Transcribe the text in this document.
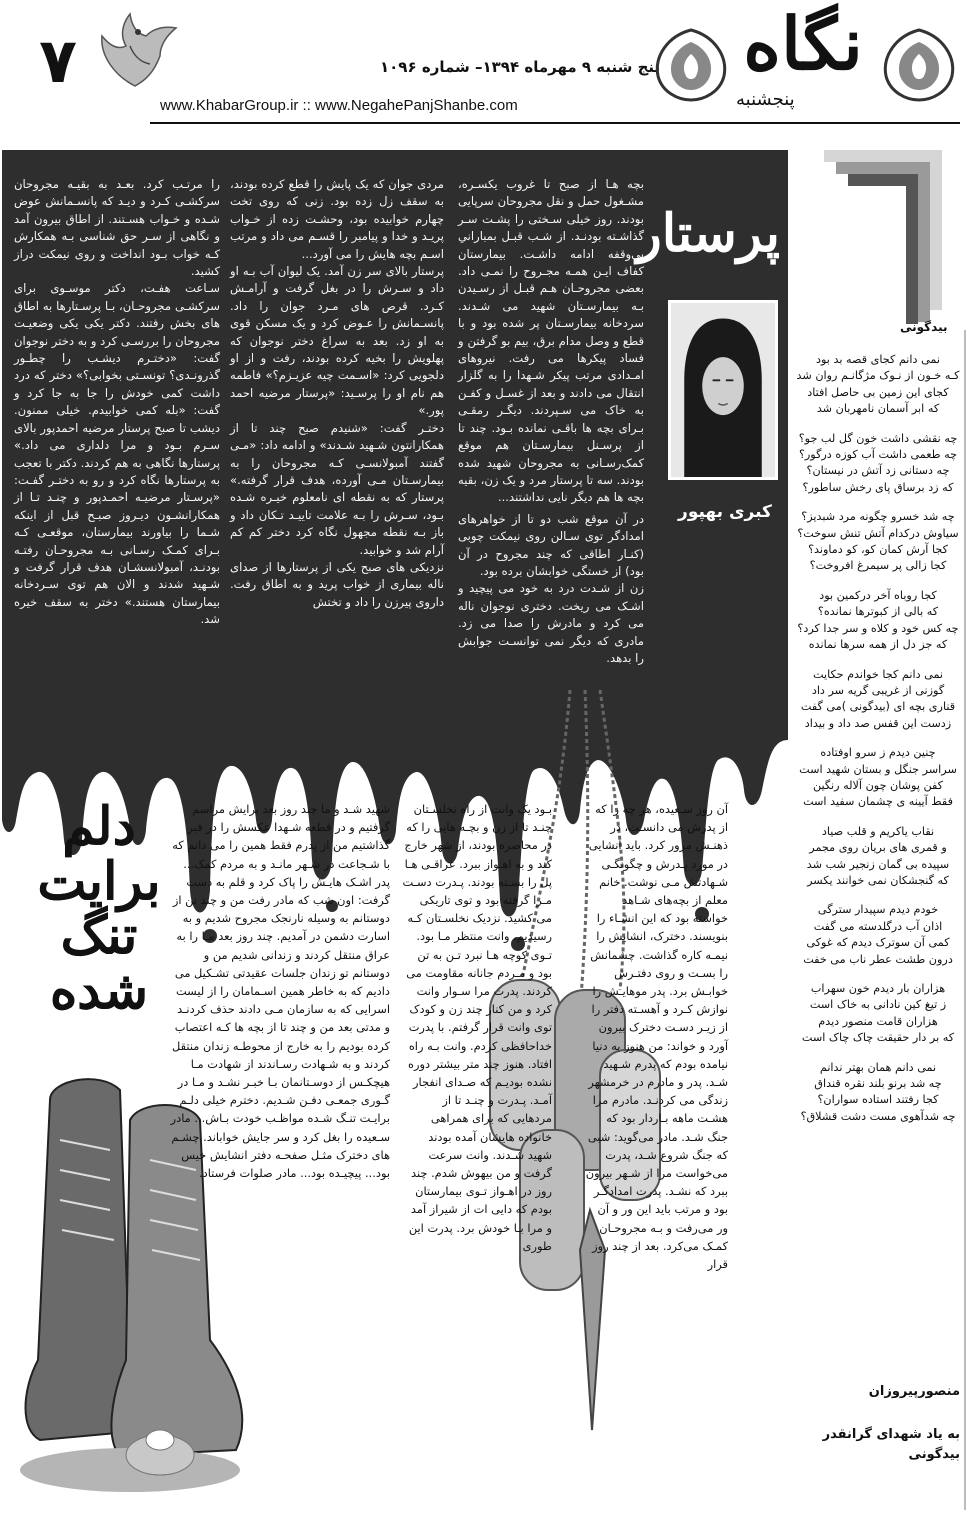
۷	پنج شنبه ۹ مهرماه ۱۳۹۴– شماره ۱۰۹۶
www.KhabarGroup.ir :: www.NegahePanjShanbe.com
نگاه
پنجشنبه

بچه هـا از صبح تا غروب یکسـره، مشـغول حمل و نقل مجروحان سرپایی بودند. روز خیلی سـختی را پشـت سـر گذاشـته بودنـد. از شـب قبـل بمباراني بی‌وقفه ادامه داشـت. بیمارستان کفاف ایـن همـه مجـروح را نمـی داد. بعضی مجروحـان هـم قبـل از رسـیدن بـه بیمارسـتان شهید می شـدند. سردخانه بیمارسـتان پر شده بود و با قطع و وصل مدام برق، بیم بو گرفتن و فساد پیکرها می رفت. نیروهای امـدادی مرتب پیکر شـهدا را به گلزار انتقال می دادند و بعد از غسـل و کفـن به خاک می سـپردند. دیگـر رمقـی بـرای بچه ها باقـی نمانده بـود. چند تا از پرسـنل بیمارسـتان هم موقع کمک‌رسـانی به مجروحان شهید شده بودند. سه تا پرستار مرد و یک زن، بقیه بچه ها هم دیگر نایی نداشتند...

در آن موقع شب دو تا از خواهرهای امدادگر توی سـالن روی نیمکت چوبی (کنـار اطاقی که چند مجروح در آن بود) از خستگی خوابشان برده بود.

زن از شـدت درد به خود می پیچید و اشـک می ریخت. دختری نوجوان ناله می کرد و مادرش را صدا می زد. مادری که دیگر نمی توانسـت جوابش را بدهد.

مردی جوان که یک پایش را قطع کرده بودند، به سقف زل زده بود. زنی که روی تخت چهارم خوابیده بود، وحشـت زده از خـواب پریـد و خدا و پیامبر را قسـم می داد و مرتب اسـم بچه هایش را می آورد...

پرستار بالای سر زن آمد. یک لیوان آب بـه او داد و سـرش را در بغل گرفت و آرامـش کـرد. قرص های مـرد جوان را داد. پانسـمانش را عـوض کرد و یک مسکن قوی به او زد. بعد به سراغ دختر نوجوان که پهلویش را بخیه کرده بودند، رفت و از او دلجویی کرد: «اسـمت چیه عزیـزم؟» فاطمه هم نام او را پرسـید: «پرستار مرضیه احمد پور.»

دختـر گفت: «شنیدم صبح چند تا از همکارانتون شـهید شـدند» و ادامه داد: «مـی گفتند آمبولانسـی کـه مجروحان را به بیمارسـتان مـی آورده، هدف قرار گرفته.» پرستار که به نقطه ای نامعلوم خیـره شـده بـود، سـرش را بـه علامت تاییـد تـکان داد و باز بـه نقطه مجهول نگاه کرد دختر کم کم آرام شد و خوابید.

نزدیکی های صبح یکی از پرستارها از صدای ناله بیماری از خواب پرید و به اطاق رفت. داروی پیرزن را داد و تختش

را مرتـب کرد. بعـد به بقیـه مجروحان سرکشـی کـرد و دیـد که پانسـمانش عوض شـده و خـواب هسـتند. از اطاق بیرون آمد و نگاهی از سـر حق شناسی بـه همکارش کـه خواب بـود انداخت و روی نیمکت دراز کشید.

سـاعت هفـت، دکتر موسـوی برای سرکشـی مجروحـان، بـا پرسـتارها به اطاق های بخش رفتند. دکتر یکی یکی وضعیـت مجروحان را بررسـی کرد و به دختر نوجوان گفت: «دختـرم دیشـب را چطـور گذرونـدی؟ تونسـتی بخوابی؟» دختر که درد داشت کمی خودش را جا به جا کرد و گفت: «بله کمی خوابیدم. خیلی ممنون. دیشب تا صبح پرستار مرضیه احمدپور بالای سـرم بـود و مرا دلداری می داد.» پرستارها نگاهی به هم کردند. دکتر با تعجب به پرستارها نگاه کرد و رو به دختـر گفـت: «پرسـتار مرضیـه احمـدپور و چنـد تـا از همکارانشـون دیـروز صبـح قبل از اینکه شـما را بیاورند بیمارستان، موقعـی کـه بـرای کمـک رسـانی بـه مجروحـان رفتـه بودنـد، آمبولانسشـان هدف قرار گرفت و شـهید شدند و الان هم توی سـردخانه بیمارستان هستند.» دختر به سقف خیره شد.

پرستار
کبری بهپور
بیدگونی
نمی دانم کجای قصه بد بود
کـه خـون از نـوک مژگانـم روان شد
کجای این زمین بی حاصل افتاد
که ابر آسمان نامهربان شد
چه نقشی داشت خون گل لب جو؟
چه طعمی داشت آب کوزه درگور؟
چه دستانی زد آتش در نیستان؟
که زد برساق پای رخش ساطور؟
چه شد خسرو چگونه مرد شبدیز؟
سیاوش درکدام آتش تنش سوخت؟
کجا آرش کمان کو، کو دماوند؟
کجا زالی پر سیمرغ افروخت؟
کجا روباه آخر درکمین بود
که بالی از کبوترها نمانده؟
چه کس خود و کلاه و سر جدا کرد؟
که جز دل از همه سرها نمانده
نمی دانم کجا خواندم حکایت
گوزنی از غریبی گریه سر داد
قناری بچه ای (بیدگونی )می گفت
زدست این قفس صد داد و بیداد
چنین دیدم ز سرو اوفتاده
سراسر جنگل و بستان شهید است
کفن پوشان چون آلاله رنگین
فقط آیینه ی چشمان سفید است
نقاب یاکریم و قلب صیاد
و قمری های بریان روی مجمر
سپیده بی گمان زنجیر شب شد
که گنجشکان نمی خوانند یکسر
خودم دیدم سپیدار سترگی
اذان آب درگلدسته می گفت
کمی آن سوترک دیدم که غوکی
درون طشت عطر ناب می خفت
هزاران بار دیدم خون سهراب
ز تیغ کین نادانی به خاک است
هزاران قامت منصور دیدم
که بر دار حقیقت چاک چاک است
نمی دانم همان بهتر ندانم
چه شد برنو بلند نقره قنداق
کجا رفتند استاده سواران؟
چه شدآهوی مست دشت قشلاق؟
منصورپیروزان
به یاد شهدای گرانقدر بیدگونی
دلم
برایت
تنگ
شده
آن روز سـعیده، هر چه را که از پدرش می دانسـت، در ذهنـش مرور کرد. باید انشایی در مورد پـدرش و چگونگـی شـهادتش مـی نوشت. خانم معلم از بچه‌های شـاهد خواسته بود که این انشـاء را بنویسند. دخترک، انشایش را نیمـه کاره گذاشت. چشمانش را بسـت و روی دفتـرش خوابـش برد. پدر موهایـش را نوازش کـرد و آهسـته دفتر را از زیـر دسـت دخترک بیرون آورد و خواند: من هنوز به دنیا نیامده بودم که پدرم شـهید شـد. پدر و مادرم در خرمشهر زندگی می کردنـد. مادرم مرا هشـت ماهه بـاردار بود که جنگ شـد. مادر می‌گوید: شبی که جنگ شروع شـد، پدرت می‌خواست مرا از شـهر بیرون ببرد که نشـد. پدرت امدادگـر بود و مرتب باید این ور و آن ور می‌رفت و بـه مجروحـان کمـک می‌کرد. بعد از چند روز قرار
بـود یک وانت از راه نخلسـتان چنـد تا از زن و بچـه هایی را که در محاصره بودند، از شهر خارج کند و به اهـواز ببرد. عراقـی هـا پل را بسـته بودند. پـدرت دسـت مـرا گرفته بود و توی تاریکی می کشید. نزدیک نخلسـتان کـه رسیدیم، وانت منتظر مـا بود. تـوی کوچه هـا نبرد تـن به تن بود و مـردم جانانه مقاومت می کردند. پدرت مرا سـوار وانت کرد و من کنار چند زن و کودک توی وانت قرار گرفتم. با پدرت خداحافظی کردم. وانت بـه راه افتاد. هنوز چند متر بیشتر دوره نشده بودیـم که صـدای انفجار آمـد. پـدرت و چنـد تا از مردهایی که برای همراهی خانواده هایشان آمده بودند شهید شـدند. وانت سرعت گرفت و من بیهوش شدم. چند روز در اهـواز تـوی بیمارستان بودم که دایی ات از شیراز آمد و مرا بـا خودش برد. پدرت این طوری
شهید شـد و ما چند روز بعد برایش مراسم گرفتیم و در قطعه شـهدا عکسش را در قبر گذاشتیم من از پدرم فقط همین را می دانم که با شـجاعت در شـهر مانـد و به مردم کمک... پدر اشـک هایـش را پاک کرد و قلم به دست گرفت: اون شب که مادر رفت من و چند تن از دوستانم به وسیله نارنجک مجروح شدیم و به اسارت دشمن در آمدیم. چند روز بعد مـا را به عراق منتقل کردند و زندانی شدیم من و دوستانم تو زندان جلسات عقیدتی تشـکیل می دادیم که به خاطر همین اسـمامان را از لیست اسرایی که به سازمان مـی دادند حذف کردنـد و مدتی بعد من و چند تا از بچه ها کـه اعتصاب کرده بودیم را به خارج از محوطـه زندان منتقل کردند و به شـهادت رسـاندند از شهادت مـا هیچکـس از دوسـتانمان بـا خبـر نشـد و مـا در گـوری جمعـی دفـن شـدیم. دخترم خیلی دلـم برایـت تنـگ شـده مواظـب خودت بـاش... مادر سـعیده را بغل کرد و سر جایش خواباند. چشـم های دخترک مثـل صفحـه دفتر انشایش خیس بود... پیچیـده بود... مادر صلوات فرستاد.
